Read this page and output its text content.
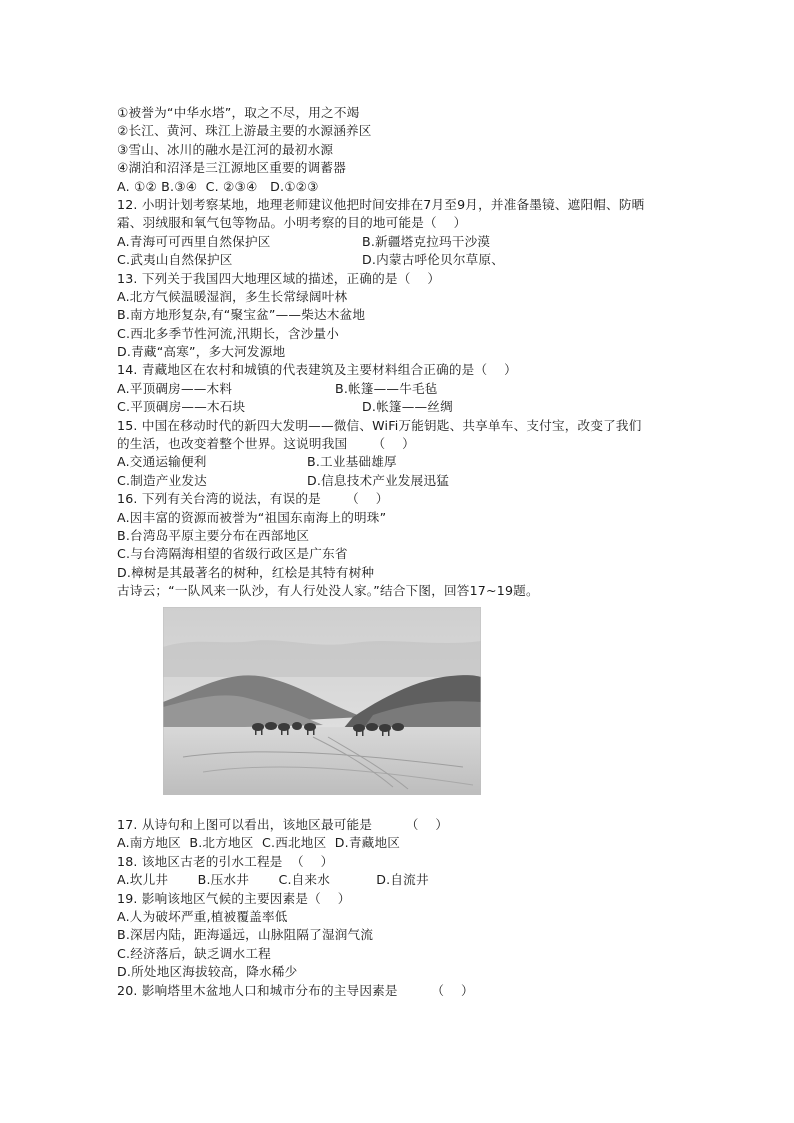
①被誉为“中华水塔”，取之不尽，用之不竭
②长江、黄河、珠江上游最主要的水源涵养区
③雪山、冰川的融水是江河的最初水源
④湖泊和沼泽是三江源地区重要的调蓄器
A. ①② B.③④  C. ②③④   D.①②③
12. 小明计划考察某地，地理老师建议他把时间安排在7月至9月，并准备墨镜、遮阳帽、防晒
霜、羽绒服和氧气包等物品。小明考察的目的地可能是（    ）
A.青海可可西里自然保护区	B.新疆塔克拉玛干沙漠
C.武夷山自然保护区	D.内蒙古呼伦贝尔草原、
13. 下列关于我国四大地理区域的描述，正确的是（    ）
A.北方气候温暖湿润，多生长常绿阔叶林
B.南方地形复杂,有“聚宝盆”——柴达木盆地
C.西北多季节性河流,汛期长，含沙量小
D.青藏“高寒”，多大河发源地
14. 青藏地区在农村和城镇的代表建筑及主要材料组合正确的是（    ）
A.平顶碉房——木料	B.帐篷——牛毛毡
C.平顶碉房——木石块	D.帐篷——丝绸
15. 中国在移动时代的新四大发明——微信、WiFi万能钥匙、共享单车、支付宝，改变了我们
的生活，也改变着整个世界。这说明我国      （    ）
A.交通运输便利	B.工业基础雄厚
C.制造产业发达	D.信息技术产业发展迅猛
16. 下列有关台湾的说法，有误的是      （    ）
A.因丰富的资源而被誉为“祖国东南海上的明珠”
B.台湾岛平原主要分布在西部地区
C.与台湾隔海相望的省级行政区是广东省
D.樟树是其最著名的树种，红桧是其特有树种
古诗云；“一队风来一队沙，有人行处没人家。”结合下图，回答17~19题。
17. 从诗句和上图可以看出，该地区最可能是        （    ）
A.南方地区  B.北方地区  C.西北地区  D.青藏地区
18. 该地区古老的引水工程是  （    ）
A.坎儿井       B.压水井       C.自来水           D.自流井
19. 影响该地区气候的主要因素是（    ）
A.人为破坏严重,植被覆盖率低
B.深居内陆，距海遥远，山脉阻隔了湿润气流
C.经济落后，缺乏调水工程
D.所处地区海拔较高，降水稀少
20. 影响塔里木盆地人口和城市分布的主导因素是        （    ）
